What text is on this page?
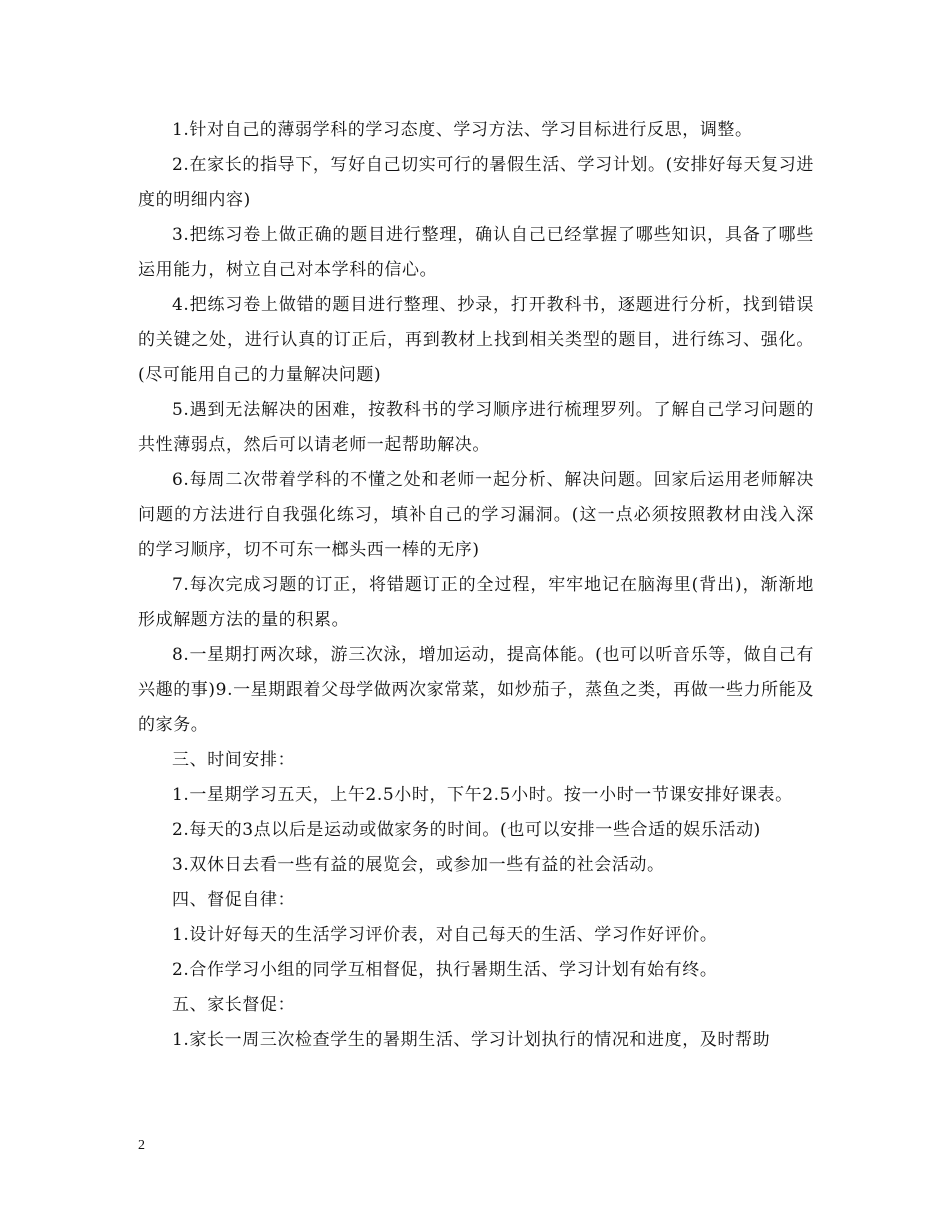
1.针对自己的薄弱学科的学习态度、学习方法、学习目标进行反思，调整。

2.在家长的指导下，写好自己切实可行的暑假生活、学习计划。(安排好每天复习进度的明细内容)

3.把练习卷上做正确的题目进行整理，确认自己已经掌握了哪些知识，具备了哪些运用能力，树立自己对本学科的信心。

4.把练习卷上做错的题目进行整理、抄录，打开教科书，逐题进行分析，找到错误的关键之处，进行认真的订正后，再到教材上找到相关类型的题目，进行练习、强化。(尽可能用自己的力量解决问题)

5.遇到无法解决的困难，按教科书的学习顺序进行梳理罗列。了解自己学习问题的共性薄弱点，然后可以请老师一起帮助解决。

6.每周二次带着学科的不懂之处和老师一起分析、解决问题。回家后运用老师解决问题的方法进行自我强化练习，填补自己的学习漏洞。(这一点必须按照教材由浅入深的学习顺序，切不可东一榔头西一棒的无序)

7.每次完成习题的订正，将错题订正的全过程，牢牢地记在脑海里(背出)，渐渐地形成解题方法的量的积累。

8.一星期打两次球，游三次泳，增加运动，提高体能。(也可以听音乐等，做自己有兴趣的事)9.一星期跟着父母学做两次家常菜，如炒茄子，蒸鱼之类，再做一些力所能及的家务。

三、时间安排：

1.一星期学习五天，上午2.5小时，下午2.5小时。按一小时一节课安排好课表。

2.每天的3点以后是运动或做家务的时间。(也可以安排一些合适的娱乐活动)

3.双休日去看一些有益的展览会，或参加一些有益的社会活动。

四、督促自律：

1.设计好每天的生活学习评价表，对自己每天的生活、学习作好评价。

2.合作学习小组的同学互相督促，执行暑期生活、学习计划有始有终。

五、家长督促：

1.家长一周三次检查学生的暑期生活、学习计划执行的情况和进度，及时帮助

2
